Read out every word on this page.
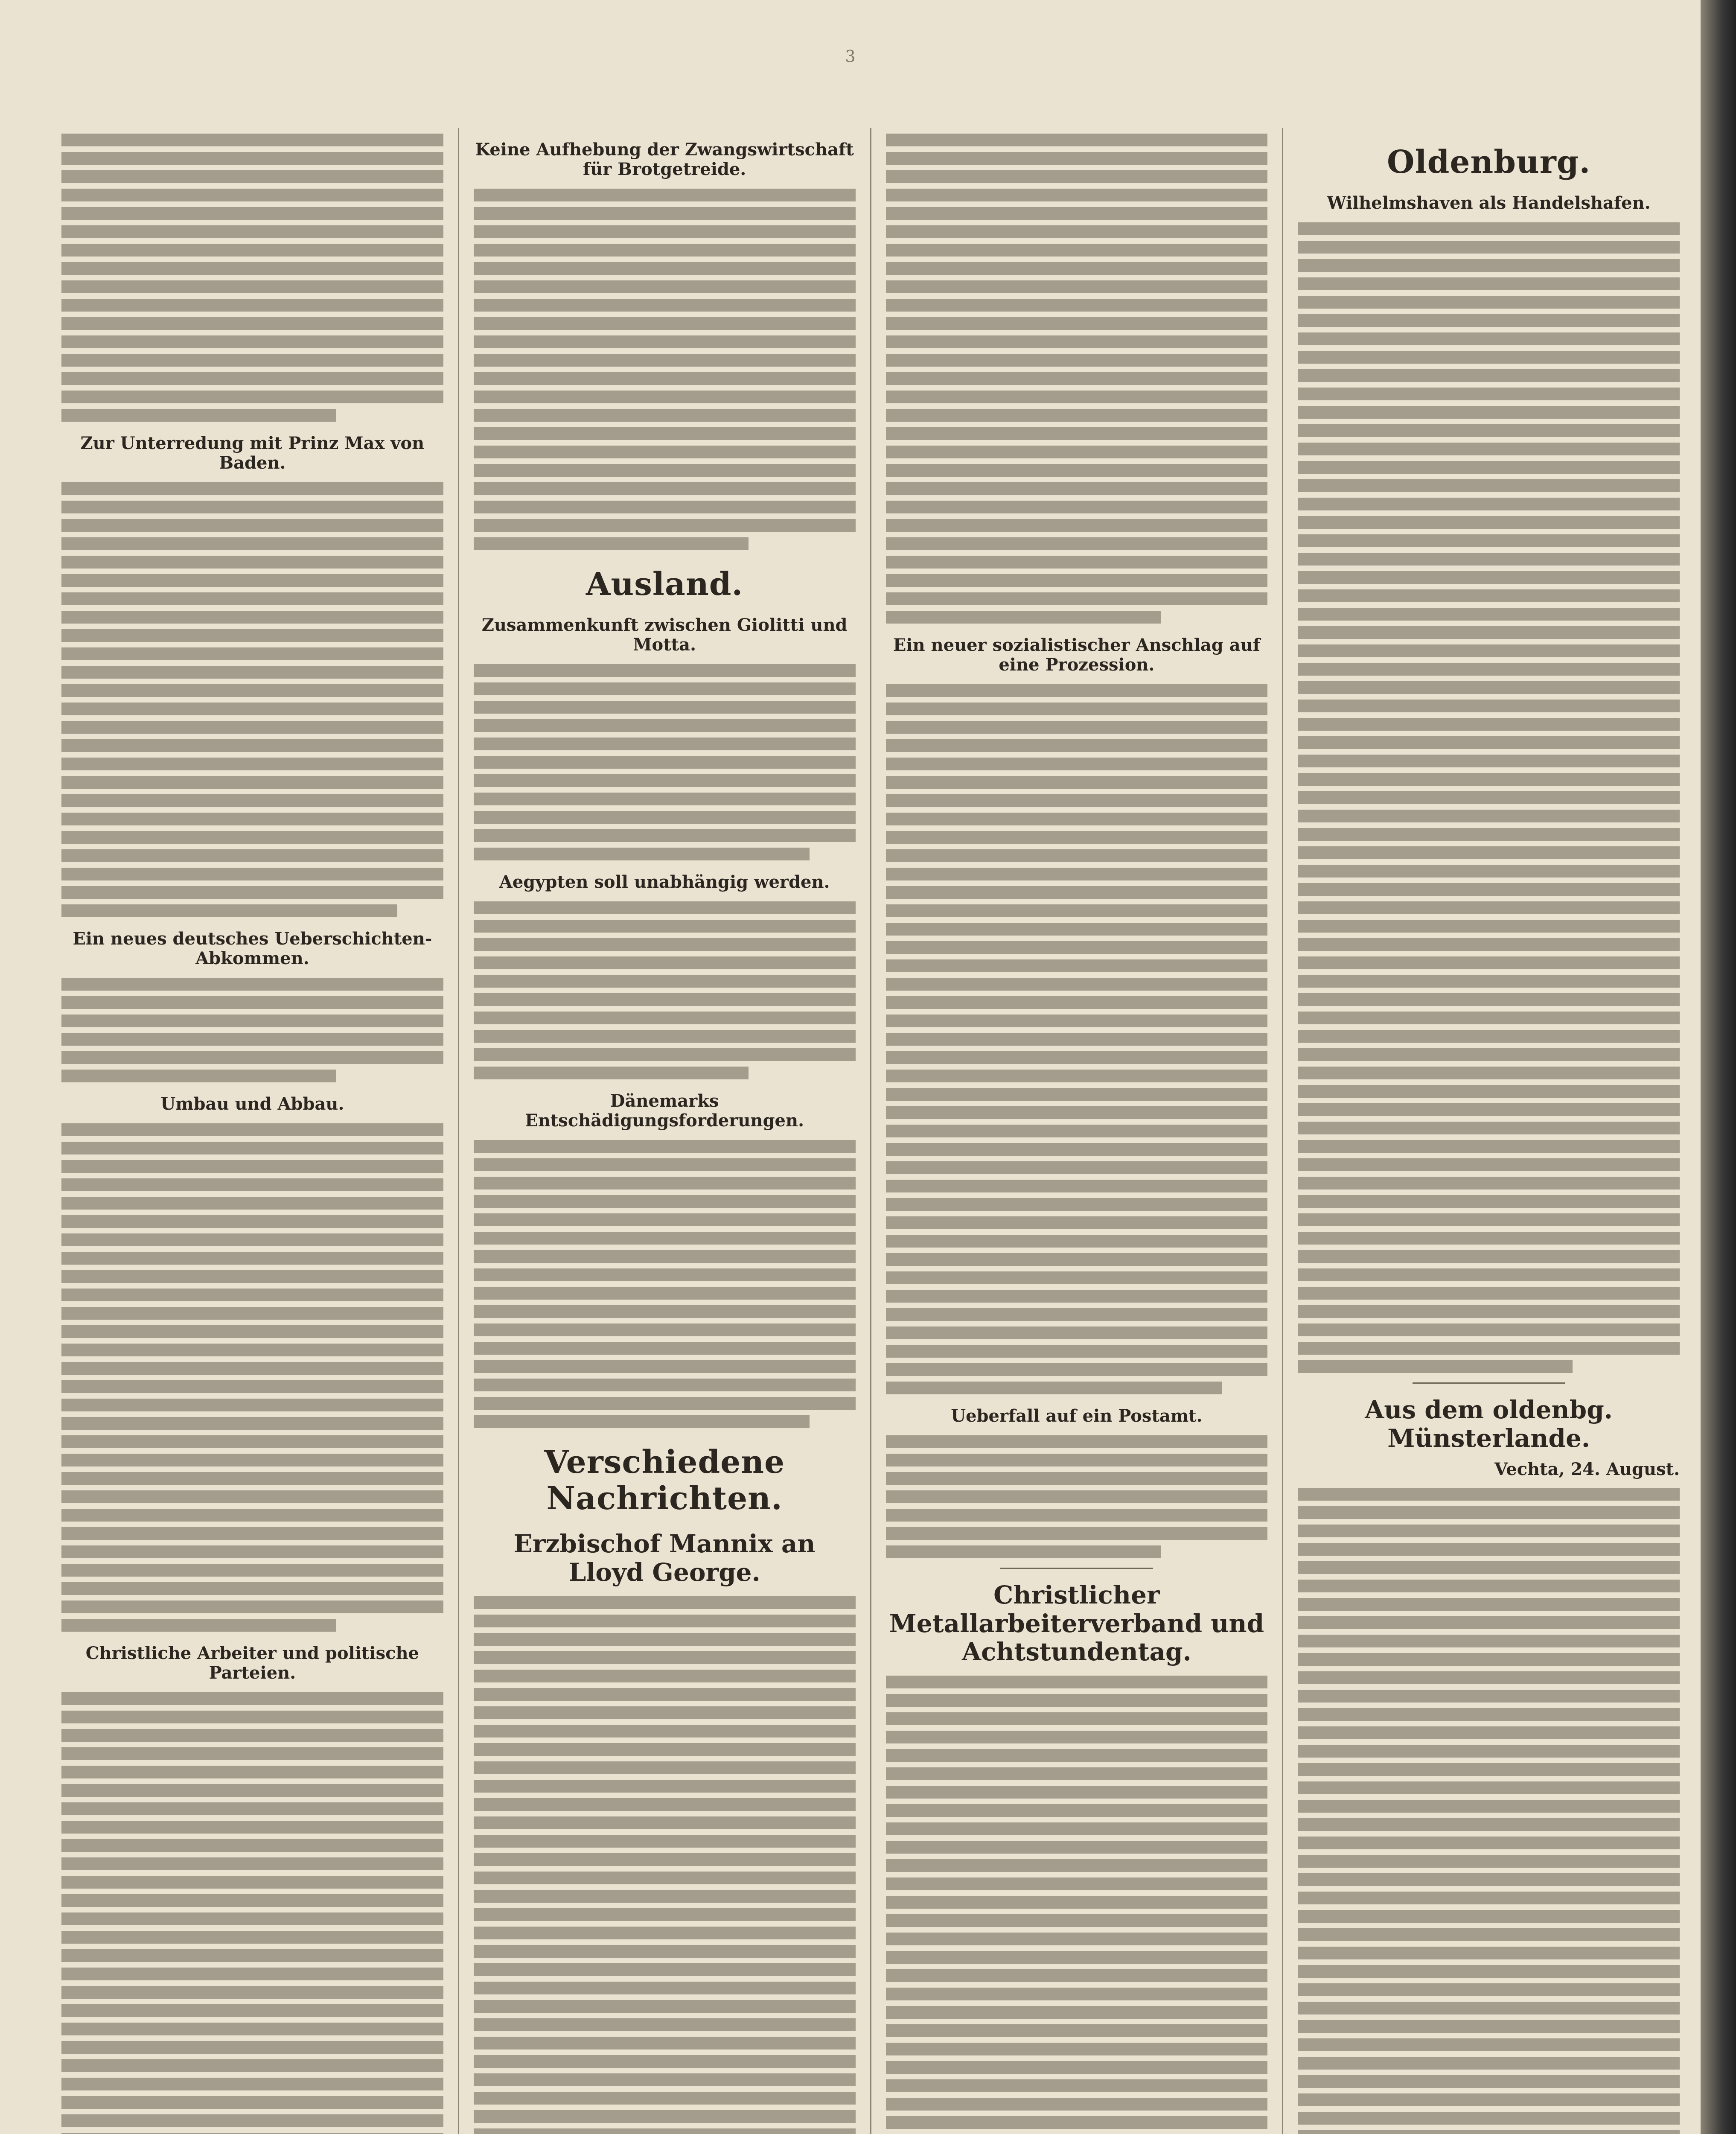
3
Zur Unterredung mit Prinz Max von Baden.
Ein neues deutsches Ueberschichten-Abkommen.
Umbau und Abbau.
Christliche Arbeiter und politische Parteien.
Keine Aufhebung der Zwangswirtschaft für Brotgetreide.
Ausland.
Zusammenkunft zwischen Giolitti und Motta.
Aegypten soll unabhängig werden.
Dänemarks Entschädigungsforderungen.
Verschiedene Nachrichten.
Erzbischof Mannix an Lloyd George.
Ein neuer sozialistischer Anschlag auf eine Prozession.
Ueberfall auf ein Postamt.
Christlicher Metallarbeiterverband und Achtstundentag.
Oldenburg.
Wilhelmshaven als Handelshafen.
Aus dem oldenbg. Münsterlande.
Vechta, 24. August.
